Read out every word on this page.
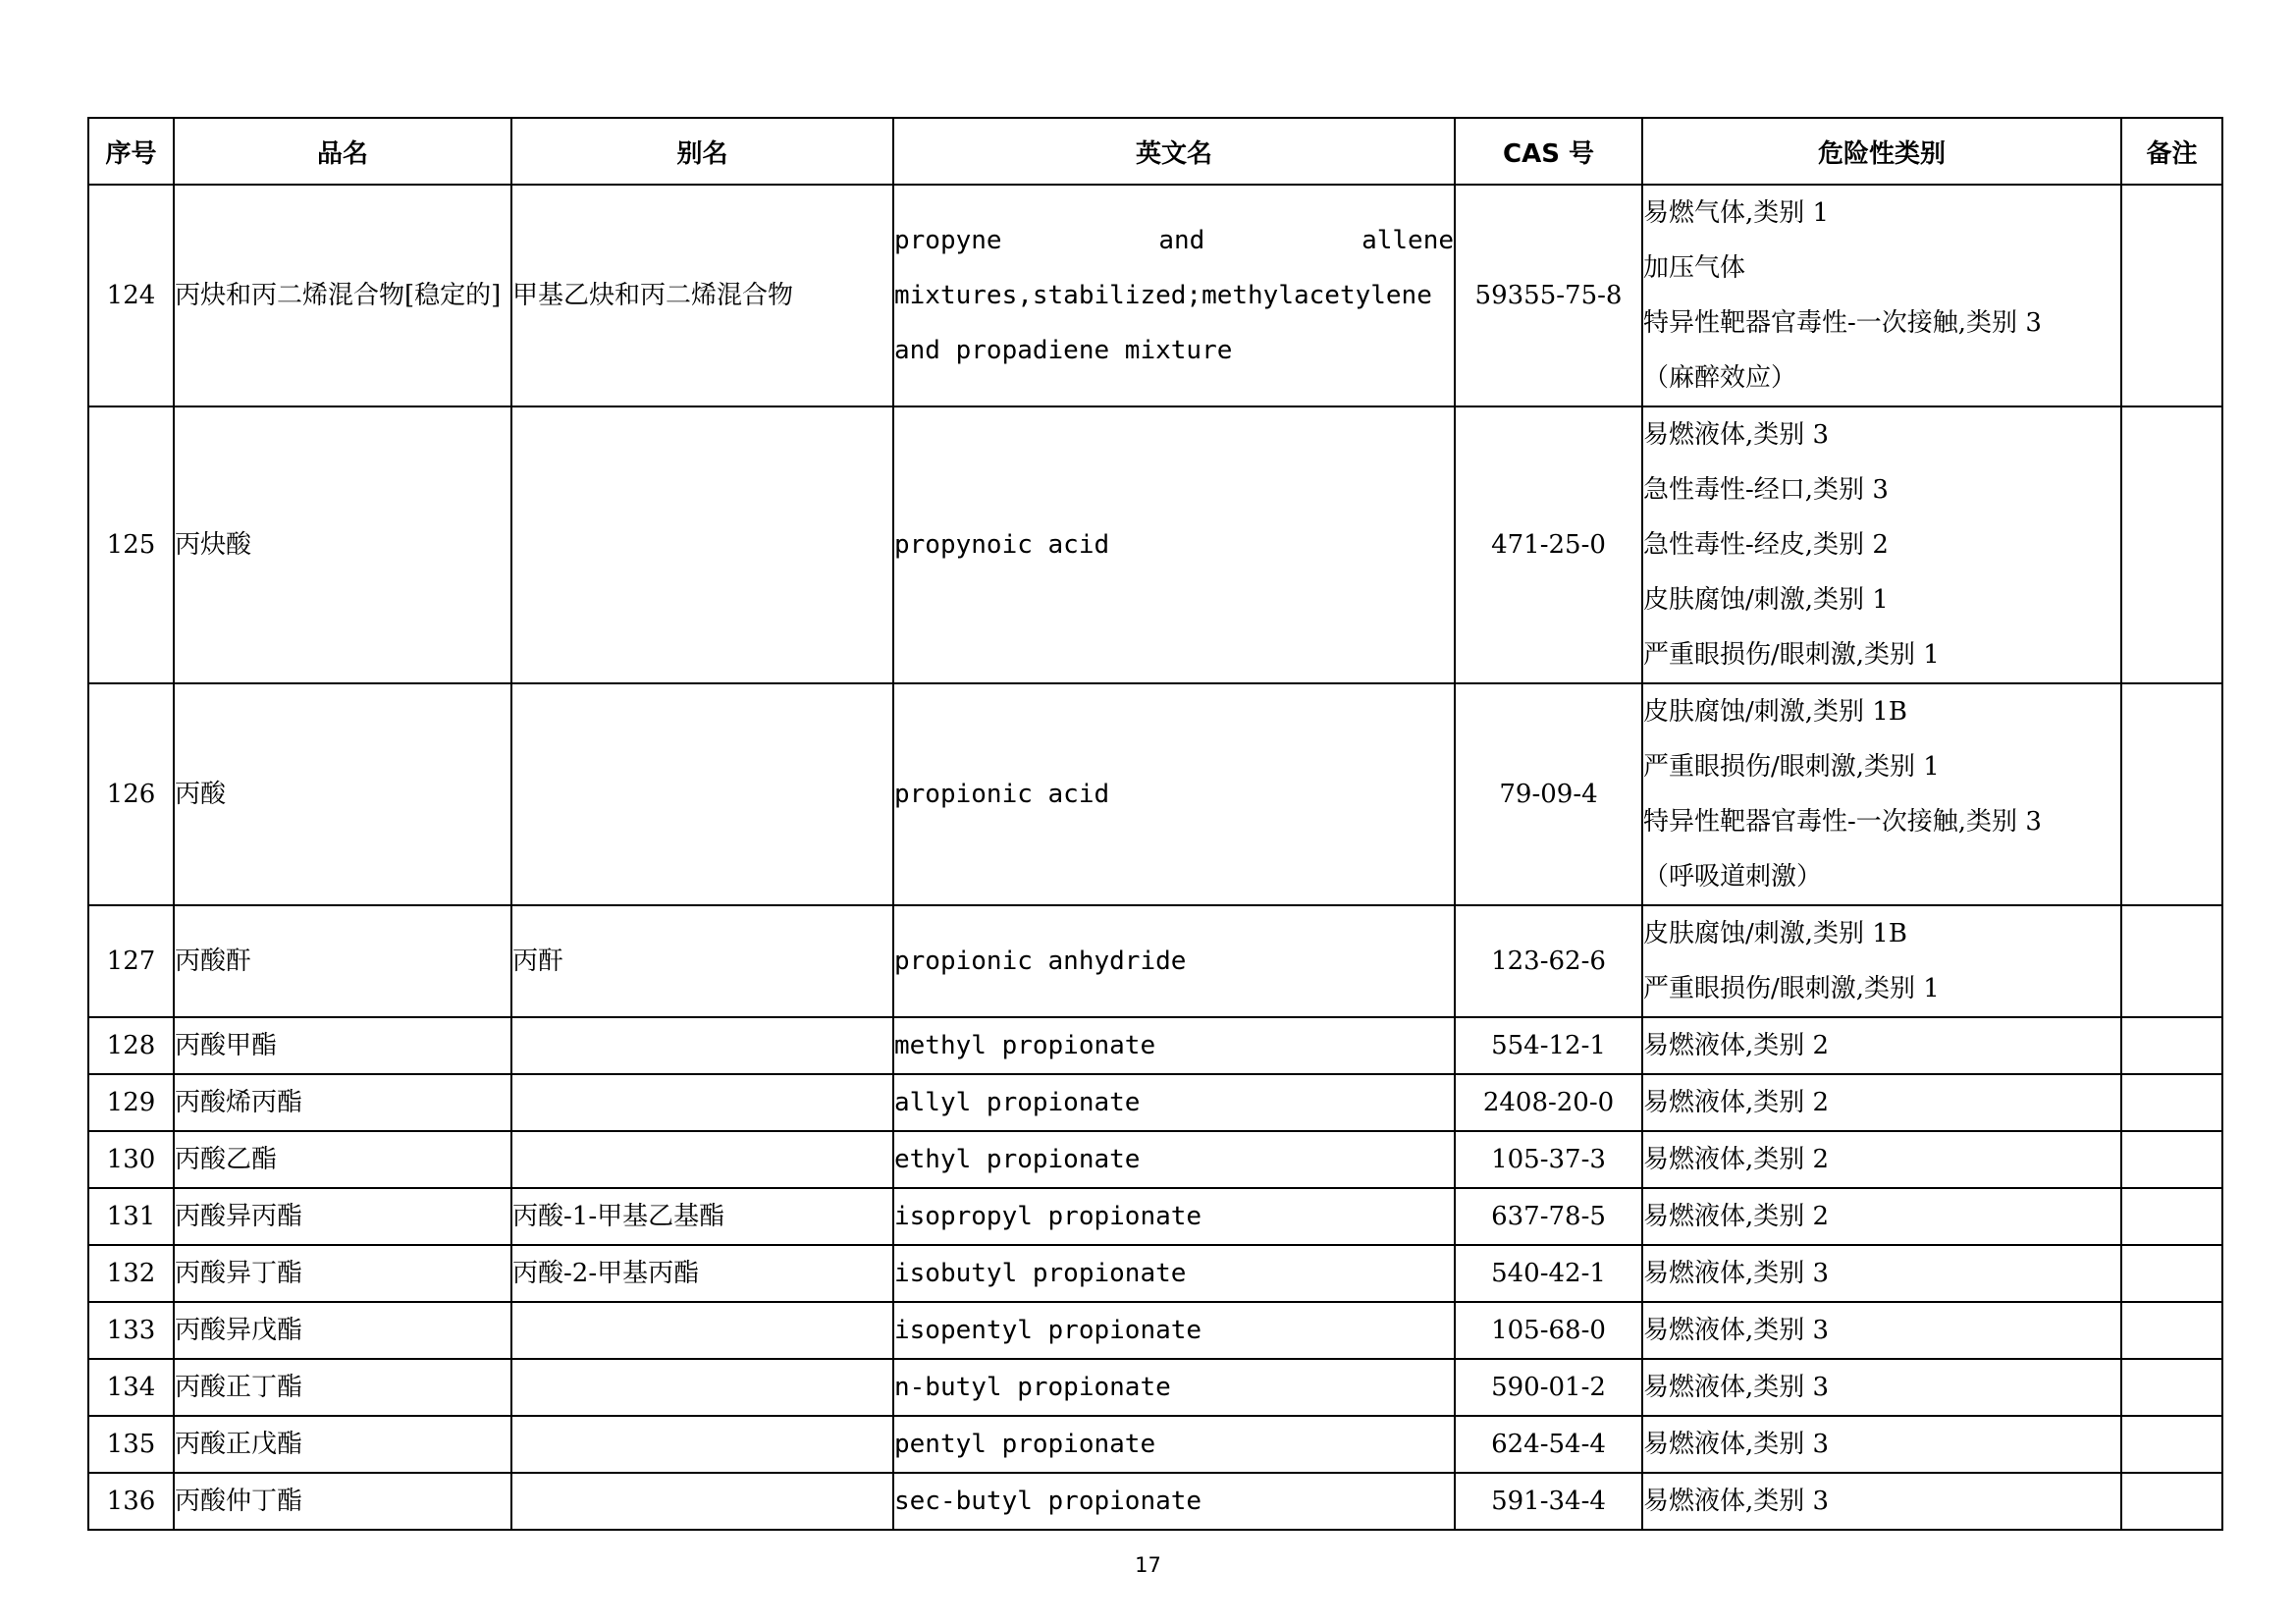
序号	品名	别名	英文名	CAS 号	危险性类别	备注
124	丙炔和丙二烯混合物[稳定的]	甲基乙炔和丙二烯混合物	propyne and allene mixtures,stabilized;methylacetylene and propadiene mixture	59355-75-8	易燃气体,类别 1
加压气体
特异性靶器官毒性-一次接触,类别 3
（麻醉效应）	

125	丙炔酸		propynoic acid	471-25-0	易燃液体,类别 3
急性毒性-经口,类别 3
急性毒性-经皮,类别 2
皮肤腐蚀/刺激,类别 1
严重眼损伤/眼刺激,类别 1	

126	丙酸		propionic acid	79-09-4	皮肤腐蚀/刺激,类别 1B
严重眼损伤/眼刺激,类别 1
特异性靶器官毒性-一次接触,类别 3
（呼吸道刺激）	

127	丙酸酐	丙酐	propionic anhydride	123-62-6	皮肤腐蚀/刺激,类别 1B
严重眼损伤/眼刺激,类别 1	

128	丙酸甲酯		methyl propionate	554-12-1	易燃液体,类别 2	

129	丙酸烯丙酯		allyl propionate	2408-20-0	易燃液体,类别 2	

130	丙酸乙酯		ethyl propionate	105-37-3	易燃液体,类别 2	

131	丙酸异丙酯	丙酸-1-甲基乙基酯	isopropyl propionate	637-78-5	易燃液体,类别 2	

132	丙酸异丁酯	丙酸-2-甲基丙酯	isobutyl propionate	540-42-1	易燃液体,类别 3	

133	丙酸异戊酯		isopentyl propionate	105-68-0	易燃液体,类别 3	

134	丙酸正丁酯		n-butyl propionate	590-01-2	易燃液体,类别 3	

135	丙酸正戊酯		pentyl propionate	624-54-4	易燃液体,类别 3	

136	丙酸仲丁酯		sec-butyl propionate	591-34-4	易燃液体,类别 3	

17
